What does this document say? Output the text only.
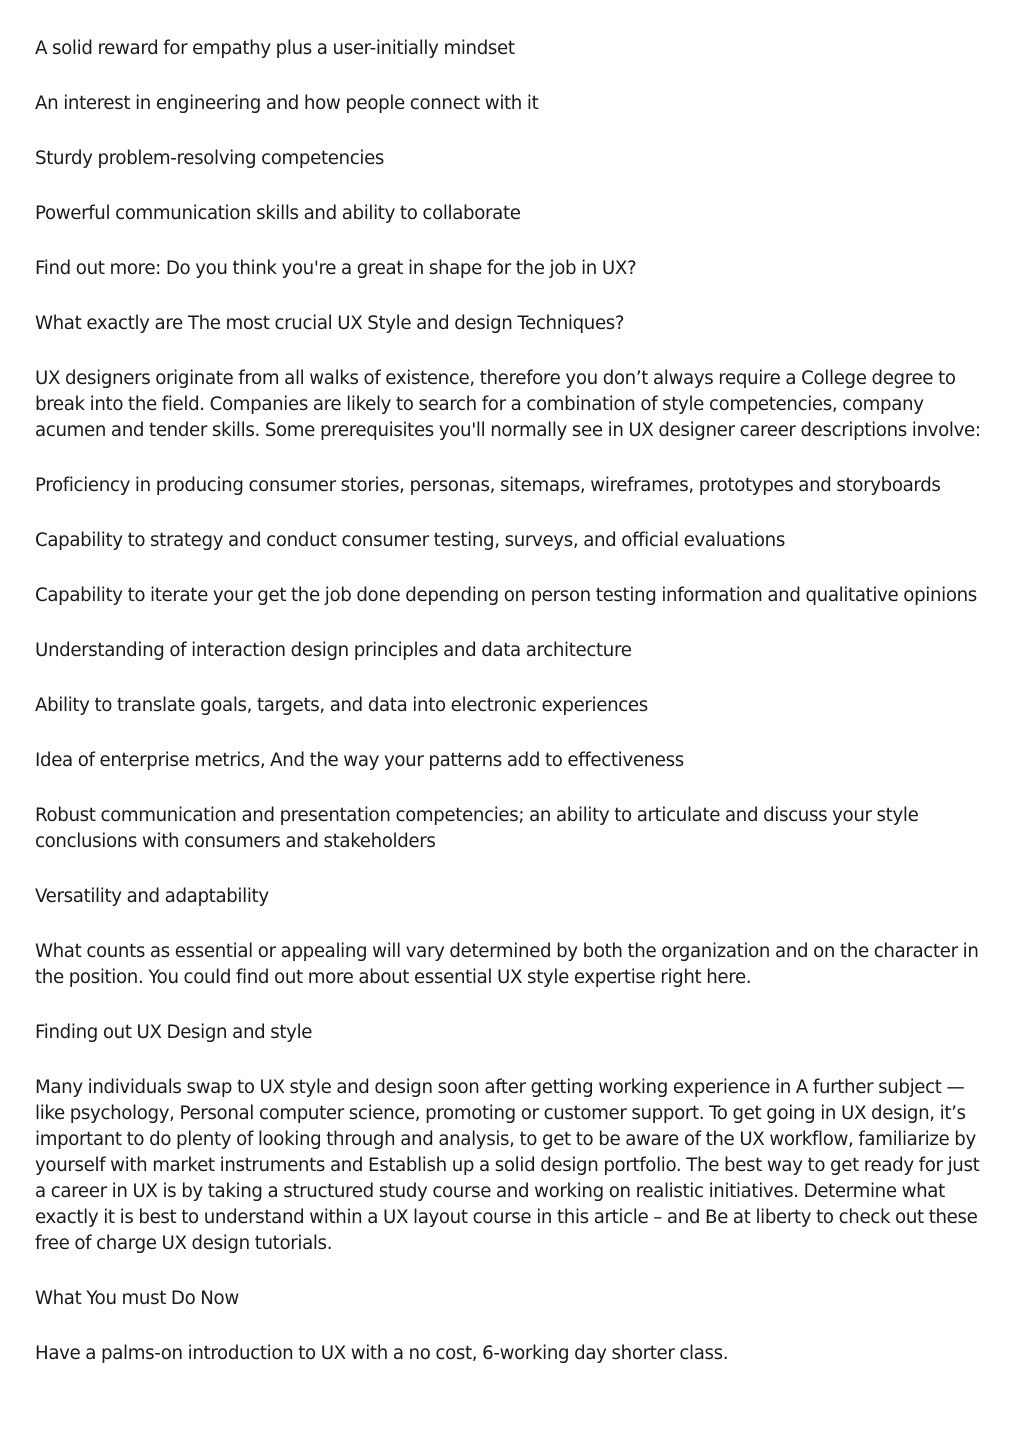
A solid reward for empathy plus a user-initially mindset

An interest in engineering and how people connect with it

Sturdy problem-resolving competencies

Powerful communication skills and ability to collaborate

Find out more: Do you think you're a great in shape for the job in UX?

What exactly are The most crucial UX Style and design Techniques?

UX designers originate from all walks of existence, therefore you don’t always require a College degree to break into the field. Companies are likely to search for a combination of style competencies, company acumen and tender skills. Some prerequisites you'll normally see in UX designer career descriptions involve:

Proficiency in producing consumer stories, personas, sitemaps, wireframes, prototypes and storyboards

Capability to strategy and conduct consumer testing, surveys, and official evaluations

Capability to iterate your get the job done depending on person testing information and qualitative opinions

Understanding of interaction design principles and data architecture

Ability to translate goals, targets, and data into electronic experiences

Idea of enterprise metrics, And the way your patterns add to effectiveness

Robust communication and presentation competencies; an ability to articulate and discuss your style conclusions with consumers and stakeholders

Versatility and adaptability

What counts as essential or appealing will vary determined by both the organization and on the character in the position. You could find out more about essential UX style expertise right here.

Finding out UX Design and style

Many individuals swap to UX style and design soon after getting working experience in A further subject — like psychology, Personal computer science, promoting or customer support. To get going in UX design, it’s important to do plenty of looking through and analysis, to get to be aware of the UX workflow, familiarize by yourself with market instruments and Establish up a solid design portfolio. The best way to get ready for just a career in UX is by taking a structured study course and working on realistic initiatives. Determine what exactly it is best to understand within a UX layout course in this article – and Be at liberty to check out these free of charge UX design tutorials.

What You must Do Now

Have a palms-on introduction to UX with a no cost, 6-working day shorter class.
